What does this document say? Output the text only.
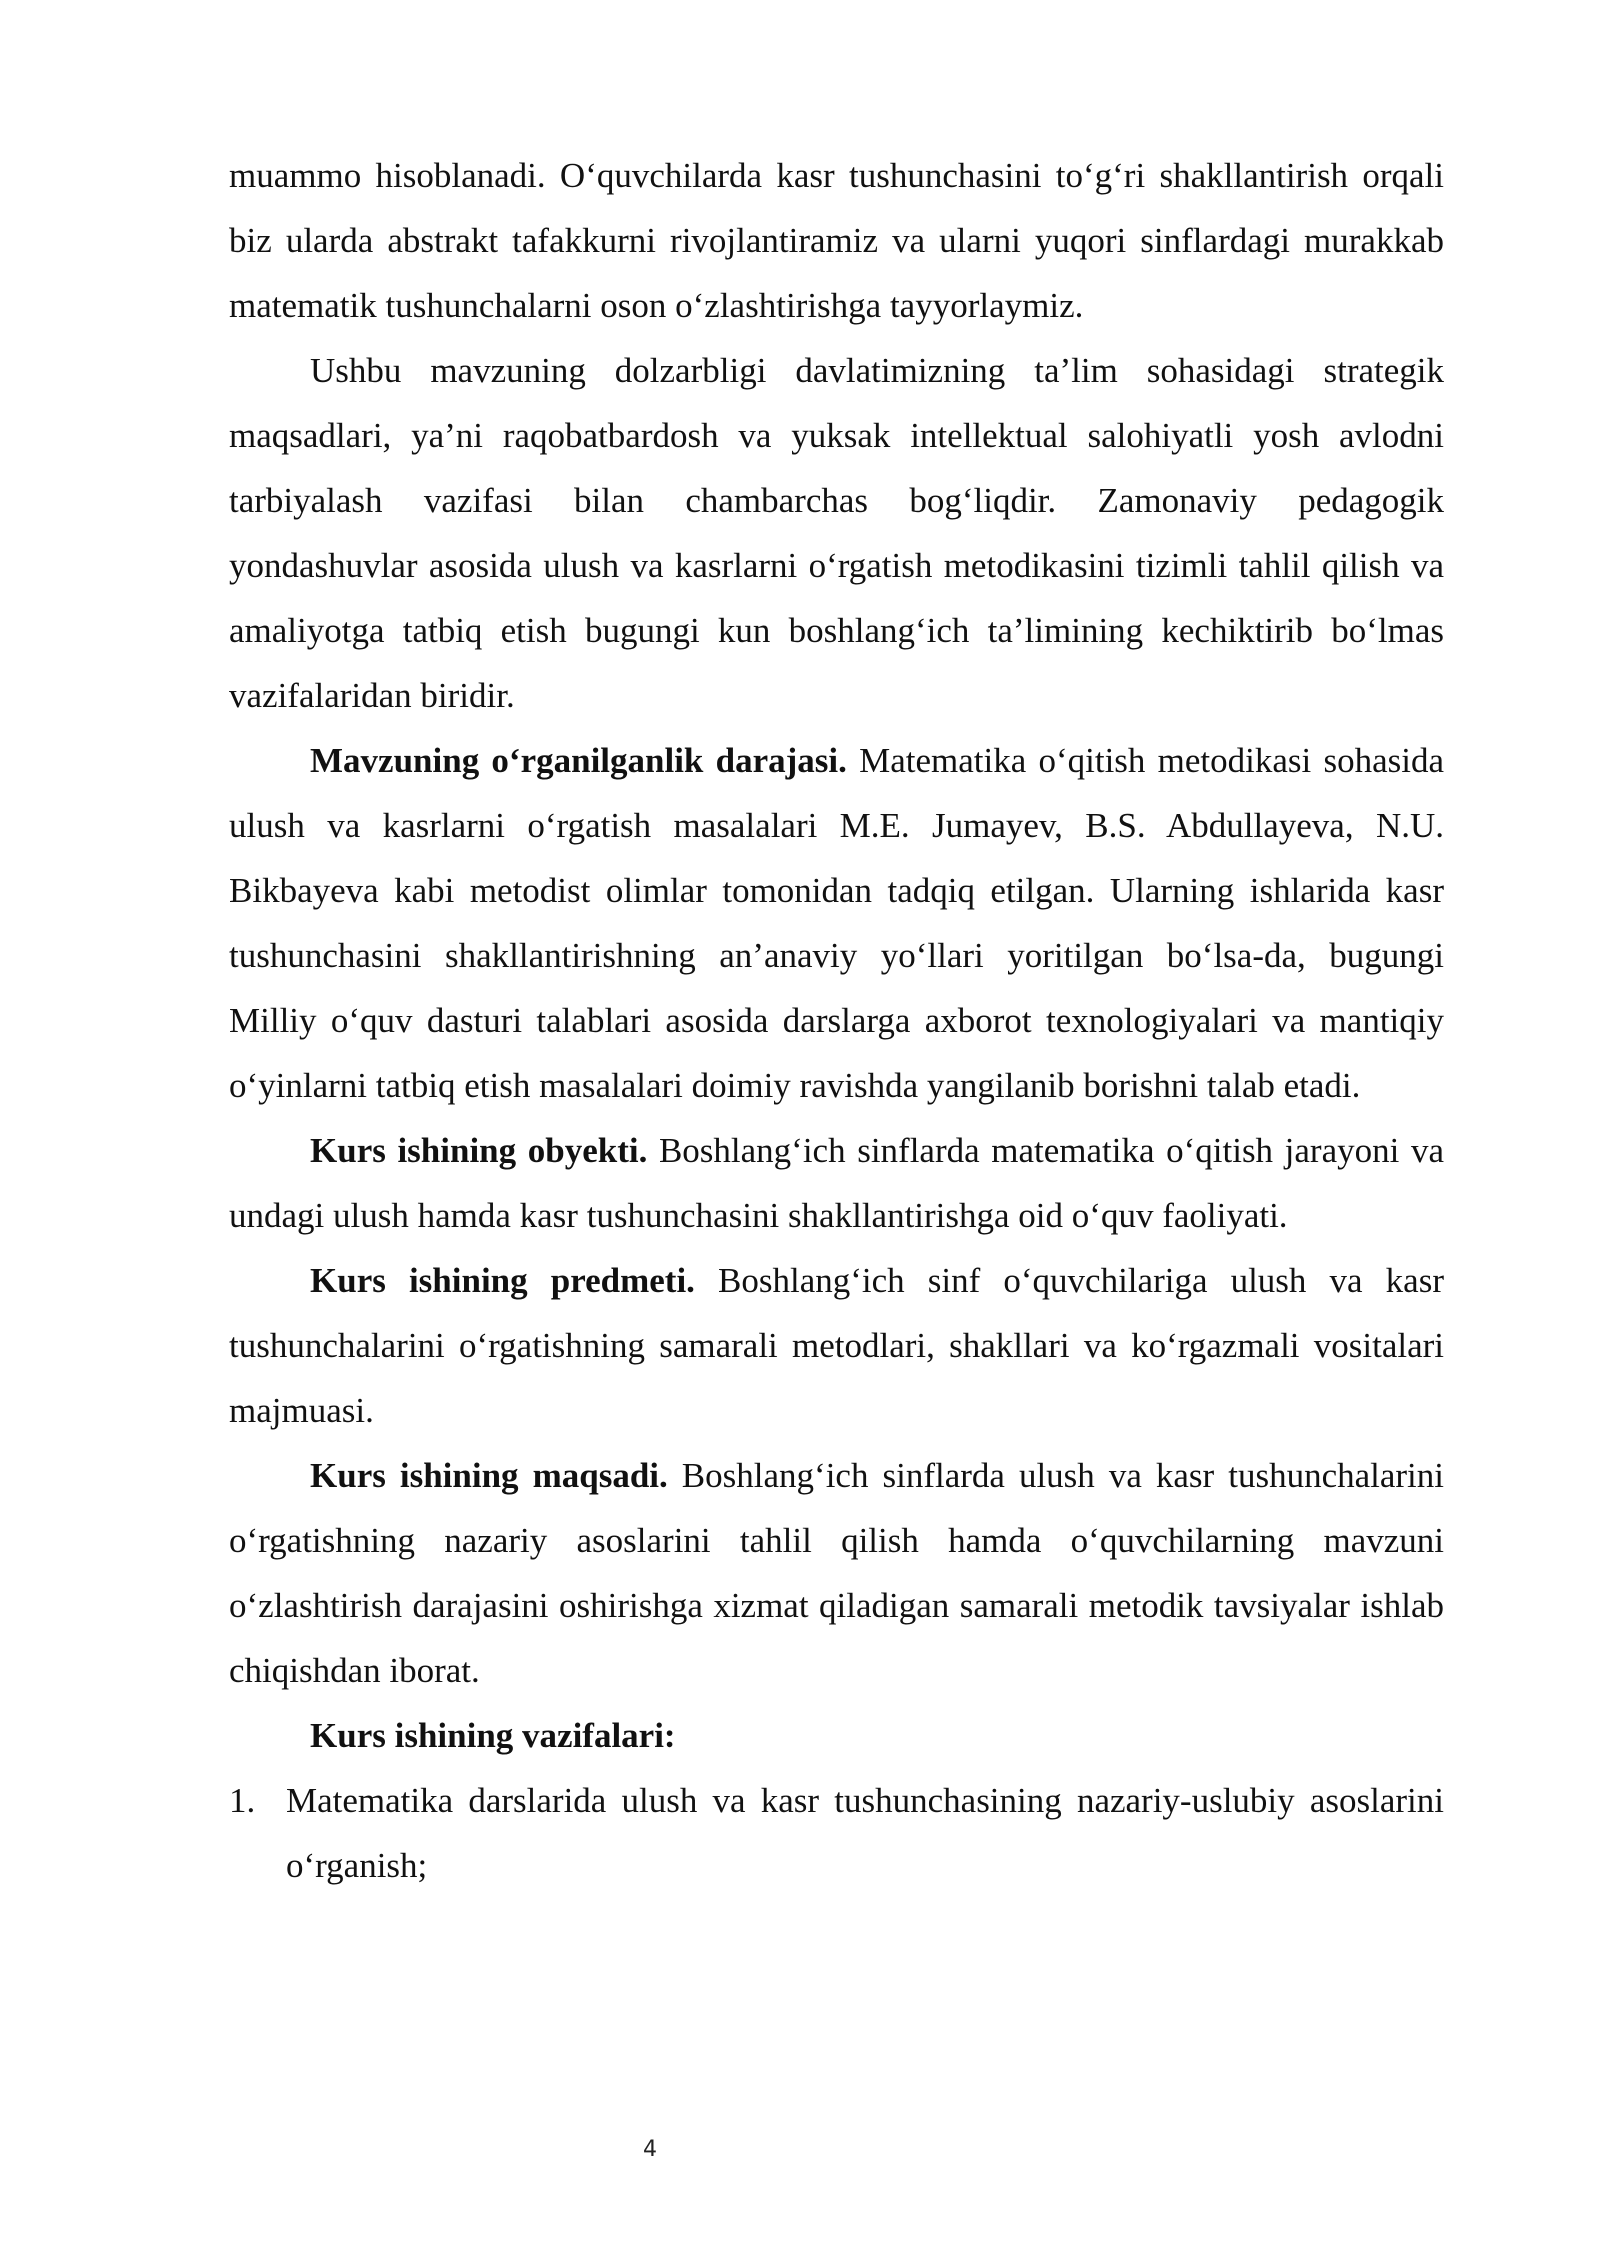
muammo hisoblanadi. O‘quvchilarda kasr tushunchasini to‘g‘ri shakllantirish orqali biz ularda abstrakt tafakkurni rivojlantiramiz va ularni yuqori sinflardagi murakkab matematik tushunchalarni oson o‘zlashtirishga tayyorlaymiz.

Ushbu mavzuning dolzarbligi davlatimizning ta’lim sohasidagi strategik maqsadlari, ya’ni raqobatbardosh va yuksak intellektual salohiyatli yosh avlodni tarbiyalash vazifasi bilan chambarchas bog‘liqdir. Zamonaviy pedagogik yondashuvlar asosida ulush va kasrlarni o‘rgatish metodikasini tizimli tahlil qilish va amaliyotga tatbiq etish bugungi kun boshlang‘ich ta’limining kechiktirib bo‘lmas vazifalaridan biridir.

Mavzuning o‘rganilganlik darajasi. Matematika o‘qitish metodikasi sohasida ulush va kasrlarni o‘rgatish masalalari M.E. Jumayev, B.S. Abdullayeva, N.U. Bikbayeva kabi metodist olimlar tomonidan tadqiq etilgan. Ularning ishlarida kasr tushunchasini shakllantirishning an’anaviy yo‘llari yoritilgan bo‘lsa-da, bugungi Milliy o‘quv dasturi talablari asosida darslarga axborot texnologiyalari va mantiqiy o‘yinlarni tatbiq etish masalalari doimiy ravishda yangilanib borishni talab etadi.

Kurs ishining obyekti. Boshlang‘ich sinflarda matematika o‘qitish jarayoni va undagi ulush hamda kasr tushunchasini shakllantirishga oid o‘quv faoliyati.

Kurs ishining predmeti. Boshlang‘ich sinf o‘quvchilariga ulush va kasr tushunchalarini o‘rgatishning samarali metodlari, shakllari va ko‘rgazmali vositalari majmuasi.

Kurs ishining maqsadi. Boshlang‘ich sinflarda ulush va kasr tushunchalarini o‘rgatishning nazariy asoslarini tahlil qilish hamda o‘quvchilarning mavzuni o‘zlashtirish darajasini oshirishga xizmat qiladigan samarali metodik tavsiyalar ishlab chiqishdan iborat.

Kurs ishining vazifalari:

1. Matematika darslarida ulush va kasr tushunchasining nazariy-uslubiy asoslarini o‘rganish;
4
